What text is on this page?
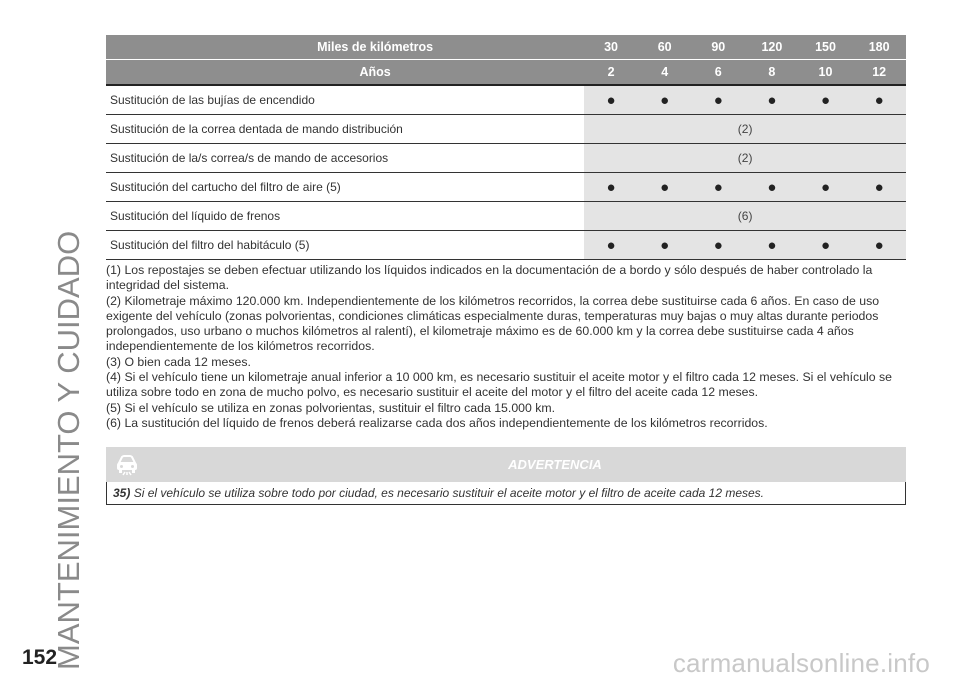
MANTENIMIENTO Y CUIDADO
Miles de kilómetros	30	60	90	120	150	180
Años	2	4	6	8	10	12
Sustitución de las bujías de encendido	●	●	●	●	●	●
Sustitución de la correa dentada de mando distribución	(2)					
Sustitución de la/s correa/s de mando de accesorios	(2)					
Sustitución del cartucho del filtro de aire (5)	●	●	●	●	●	●
Sustitución del líquido de frenos	(6)					
Sustitución del filtro del habitáculo (5)	●	●	●	●	●	●

(1) Los repostajes se deben efectuar utilizando los líquidos indicados en la documentación de a bordo y sólo después de haber controlado la integridad del sistema.

(2) Kilometraje máximo 120.000 km. Independientemente de los kilómetros recorridos, la correa debe sustituirse cada 6 años. En caso de uso exigente del vehículo (zonas polvorientas, condiciones climáticas especialmente duras, temperaturas muy bajas o muy altas durante periodos prolongados, uso urbano o muchos kilómetros al ralentí), el kilometraje máximo es de 60.000 km y la correa debe sustituirse cada 4 años independientemente de los kilómetros recorridos.

(3) O bien cada 12 meses.

(4) Si el vehículo tiene un kilometraje anual inferior a 10 000 km, es necesario sustituir el aceite motor y el filtro cada 12 meses. Si el vehículo se utiliza sobre todo en zona de mucho polvo, es necesario sustituir el aceite del motor y el filtro del aceite cada 12 meses.

(5) Si el vehículo se utiliza en zonas polvorientas, sustituir el filtro cada 15.000 km.

(6) La sustitución del líquido de frenos deberá realizarse cada dos años independientemente de los kilómetros recorridos.

ADVERTENCIA
35) Si el vehículo se utiliza sobre todo por ciudad, es necesario sustituir el aceite motor y el filtro de aceite cada 12 meses.
152	carmanualsonline.info
